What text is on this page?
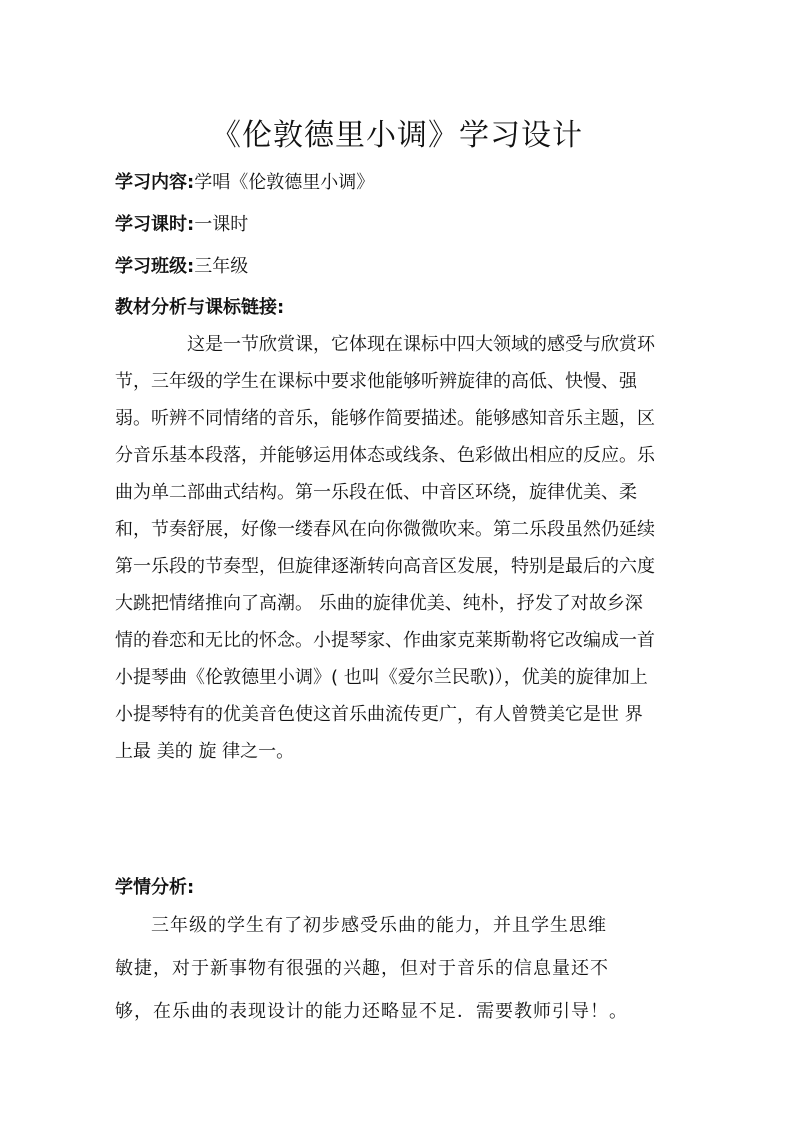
《伦敦德里小调》学习设计
学习内容:学唱《伦敦德里小调》
学习课时:一课时
学习班级:三年级
教材分析与课标链接:
这是一节欣赏课，它体现在课标中四大领域的感受与欣赏环
节，三年级的学生在课标中要求他能够听辨旋律的高低、快慢、强
弱。听辨不同情绪的音乐，能够作简要描述。能够感知音乐主题，区
分音乐基本段落，并能够运用体态或线条、色彩做出相应的反应。乐
曲为单二部曲式结构。第一乐段在低、中音区环绕，旋律优美、柔
和，节奏舒展，好像一缕春风在向你微微吹来。第二乐段虽然仍延续
第一乐段的节奏型，但旋律逐渐转向高音区发展，特别是最后的六度
大跳把情绪推向了高潮。 乐曲的旋律优美、纯朴，抒发了对故乡深
情的眷恋和无比的怀念。小提琴家、作曲家克莱斯勒将它改编成一首
小提琴曲《伦敦德里小调》( 也叫《爱尔兰民歌)），优美的旋律加上
小提琴特有的优美音色使这首乐曲流传更广，有人曾赞美它是世 界
上最 美的 旋 律之一。
学情分析:
三年级的学生有了初步感受乐曲的能力，并且学生思维
敏捷，对于新事物有很强的兴趣，但对于音乐的信息量还不
够，在乐曲的表现设计的能力还略显不足．需要教师引导！。
